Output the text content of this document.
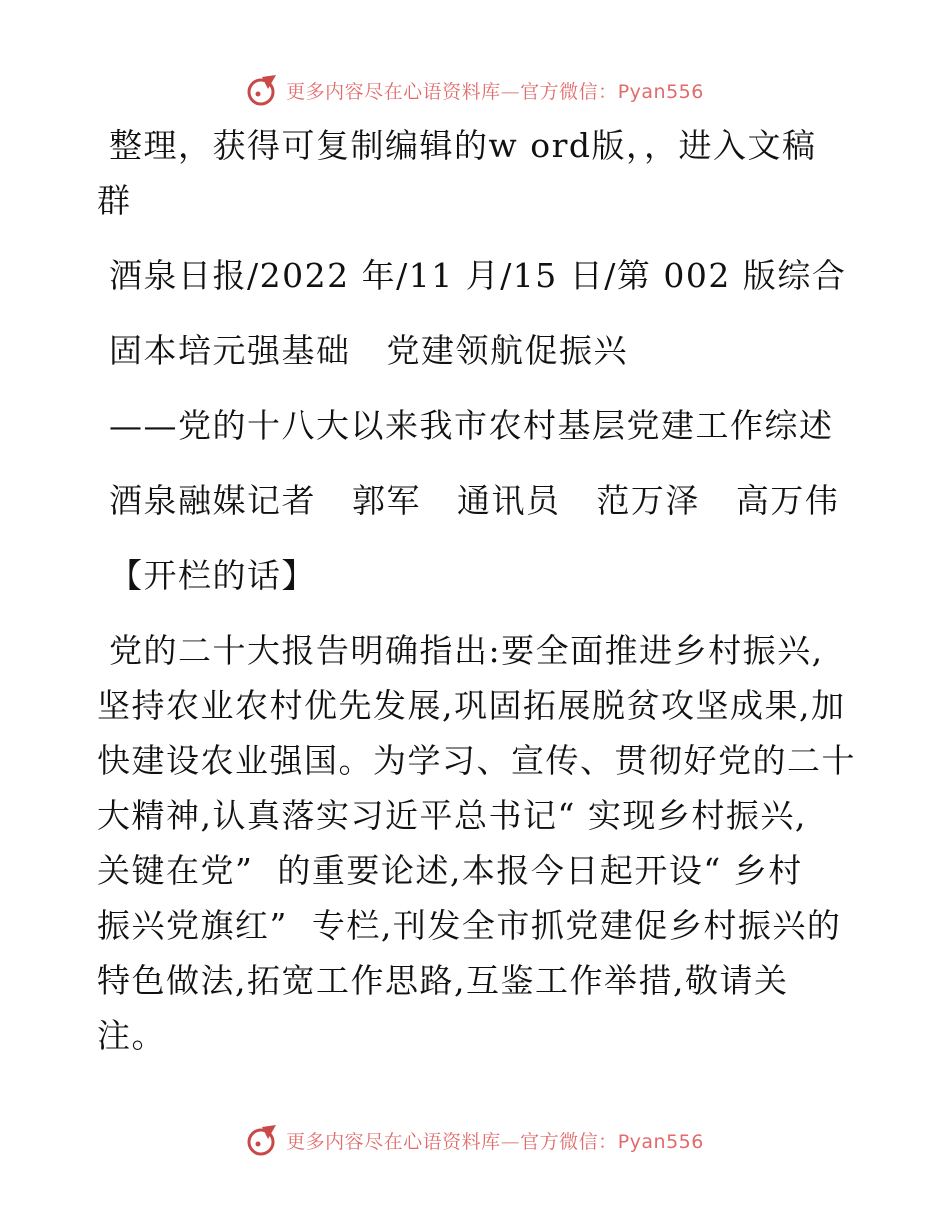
更多内容尽在心语资料库—官方微信：Pyan556

整理，获得可复制编辑的w ord版，，进入文稿

群

酒泉日报/2022 年/11 月/15 日/第 002 版综合

固本培元强基础   党建领航促振兴

——党的十八大以来我市农村基层党建工作综述

酒泉融媒记者   郭军   通讯员   范万泽   高万伟

【开栏的话】

党的二十大报告明确指出:要全面推进乡村振兴,

坚持农业农村优先发展,巩固拓展脱贫攻坚成果,加

快建设农业强国。为学习、宣传、贯彻好党的二十

大精神,认真落实习近平总书记“ 实现乡村振兴,

关键在党”  的重要论述,本报今日起开设“ 乡村

振兴党旗红”  专栏,刊发全市抓党建促乡村振兴的

特色做法,拓宽工作思路,互鉴工作举措,敬请关

注。

更多内容尽在心语资料库—官方微信：Pyan556
